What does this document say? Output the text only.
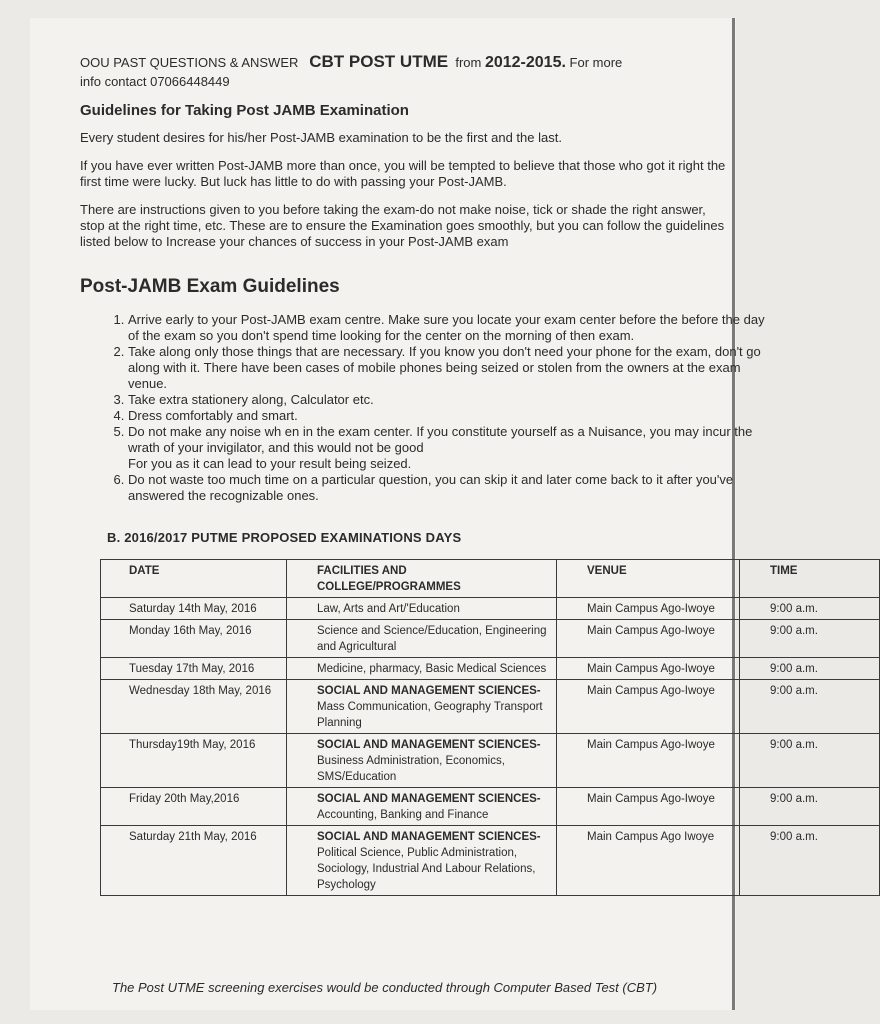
OOU PAST QUESTIONS & ANSWER CBT POST UTME from 2012-2015. For more
info contact 07066448449
Guidelines for Taking Post JAMB Examination
Every student desires for his/her Post-JAMB examination to be the first and the last.
If you have ever written Post-JAMB more than once, you will be tempted to believe that those who got it right the first time were lucky. But luck has little to do with passing your Post-JAMB.
There are instructions given to you before taking the exam-do not make noise, tick or shade the right answer, stop at the right time, etc. These are to ensure the Examination goes smoothly, but you can follow the guidelines listed below to Increase your chances of success in your Post-JAMB exam
Post-JAMB Exam Guidelines
1. Arrive early to your Post-JAMB exam centre. Make sure you locate your exam center before the before the day of the exam so you don't spend time looking for the center on the morning of then exam.
2. Take along only those things that are necessary. If you know you don't need your phone for the exam, don't go along with it. There have been cases of mobile phones being seized or stolen from the owners at the exam venue.
3. Take extra stationery along, Calculator etc.
4. Dress comfortably and smart.
5. Do not make any noise wh en in the exam center. If you constitute yourself as a Nuisance, you may incur the wrath of your invigilator, and this would not be good
For you as it can lead to your result being seized.
6. Do not waste too much time on a particular question, you can skip it and later come back to it after you've answered the recognizable ones.
B. 2016/2017 PUTME PROPOSED EXAMINATIONS DAYS
DATE	FACILITIES AND COLLEGE/PROGRAMMES	VENUE	TIME
Saturday 14th May, 2016	Law, Arts and Art/'Education	Main Campus Ago-Iwoye	9:00 a.m.
Monday 16th May, 2016	Science and Science/Education, Engineering and Agricultural	Main Campus Ago-Iwoye	9:00 a.m.
Tuesday 17th May, 2016	Medicine, pharmacy, Basic Medical Sciences	Main Campus Ago-Iwoye	9:00 a.m.
Wednesday 18th May, 2016	SOCIAL AND MANAGEMENT SCIENCES- Mass Communication, Geography Transport Planning	Main Campus Ago-Iwoye	9:00 a.m.
Thursday19th May, 2016	SOCIAL AND MANAGEMENT SCIENCES- Business Administration, Economics, SMS/Education	Main Campus Ago-Iwoye	9:00 a.m.
Friday 20th May,2016	SOCIAL AND MANAGEMENT SCIENCES- Accounting, Banking and Finance	Main Campus Ago-Iwoye	9:00 a.m.
Saturday 21th May, 2016	SOCIAL AND MANAGEMENT SCIENCES- Political Science, Public Administration, Sociology, Industrial And Labour Relations, Psychology	Main Campus Ago Iwoye	9:00 a.m.
The Post UTME screening exercises would be conducted through Computer Based Test (CBT)
